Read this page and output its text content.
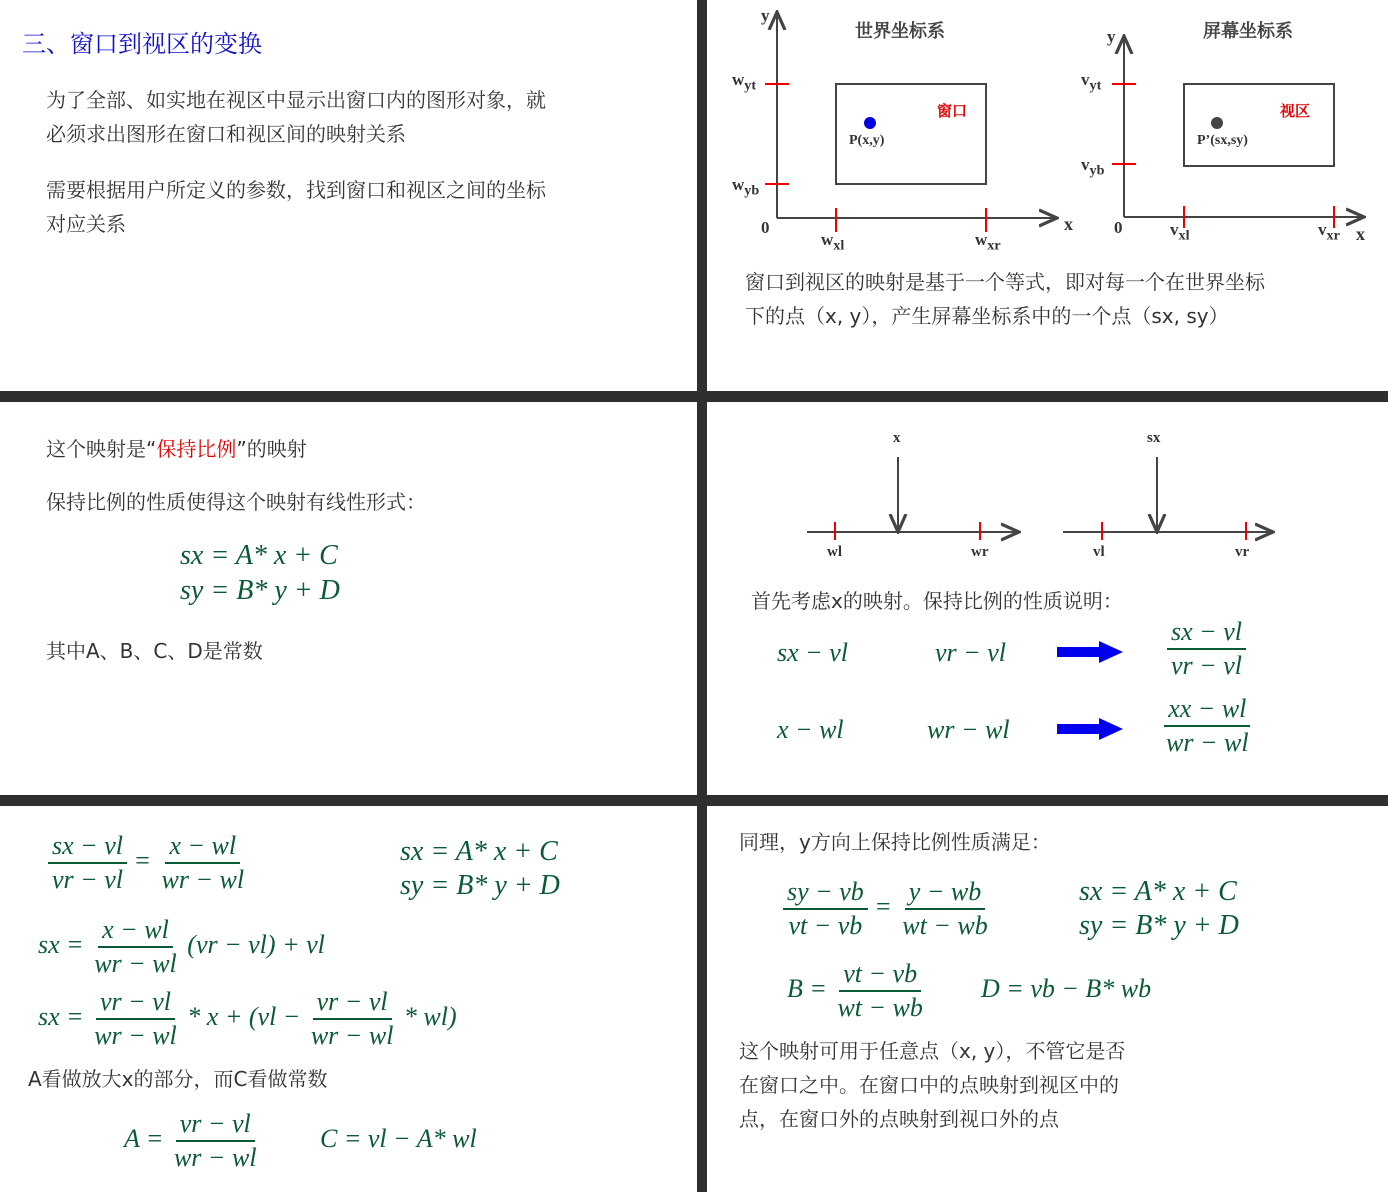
三、窗口到视区的变换
为了全部、如实地在视区中显示出窗口内的图形对象，就
必须求出图形在窗口和视区间的映射关系
需要根据用户所定义的参数，找到窗口和视区之间的坐标
对应关系
y
世界坐标系	屏幕坐标系
$w_{yt}$
$w_{yb}$
0
$w_{xl}$	$w_{xr}$
x
窗口
P(x,y)
y
$v_{yt}$
$v_{yb}$
0	$v_{xl}$	$v_{xr}$ x
视区
P’(sx,sy)
窗口到视区的映射是基于一个等式，即对每一个在世界坐标
下的点（x, y），产生屏幕坐标系中的一个点（sx, sy）
这个映射是“保持比例”的映射
保持比例的性质使得这个映射有线性形式：
sx = A* x + C
sy = B* y + D
其中A、B、C、D是常数
x
wl	wr
sx
vl	vr
首先考虑x的映射。保持比例的性质说明：
sx − vl	vr − vl	$\frac{sx - vl}{vr - vl}$
x − wl	wr − wl	$\frac{xx - wl}{wr - wl}$
$\frac{sx - vl}{vr - vl} = \frac{x - wl}{wr - wl}$	sx = A* x + C
sy = B* y + D
sx = $\frac{x - wl}{wr - wl} (vr - vl)$ + vl
sx = $\frac{vr - vl}{wr - wl} * x + (vl - \frac{vr - vl}{wr - wl} * wl)$
A看做放大x的部分，而C看做常数
$A = \frac{vr - vl}{wr - wl}$ C = vl − A* wl
同理，y方向上保持比例性质满足：
$\frac{sy - vb}{vt - vb} = \frac{y - wb}{wt - wb}$	sx = A* x + C
sy = B* y + D
$B = \frac{vt - vb}{wt - wb}$ D = vb − B* wb
这个映射可用于任意点（x, y），不管它是否
在窗口之中。在窗口中的点映射到视区中的
点，在窗口外的点映射到视口外的点
